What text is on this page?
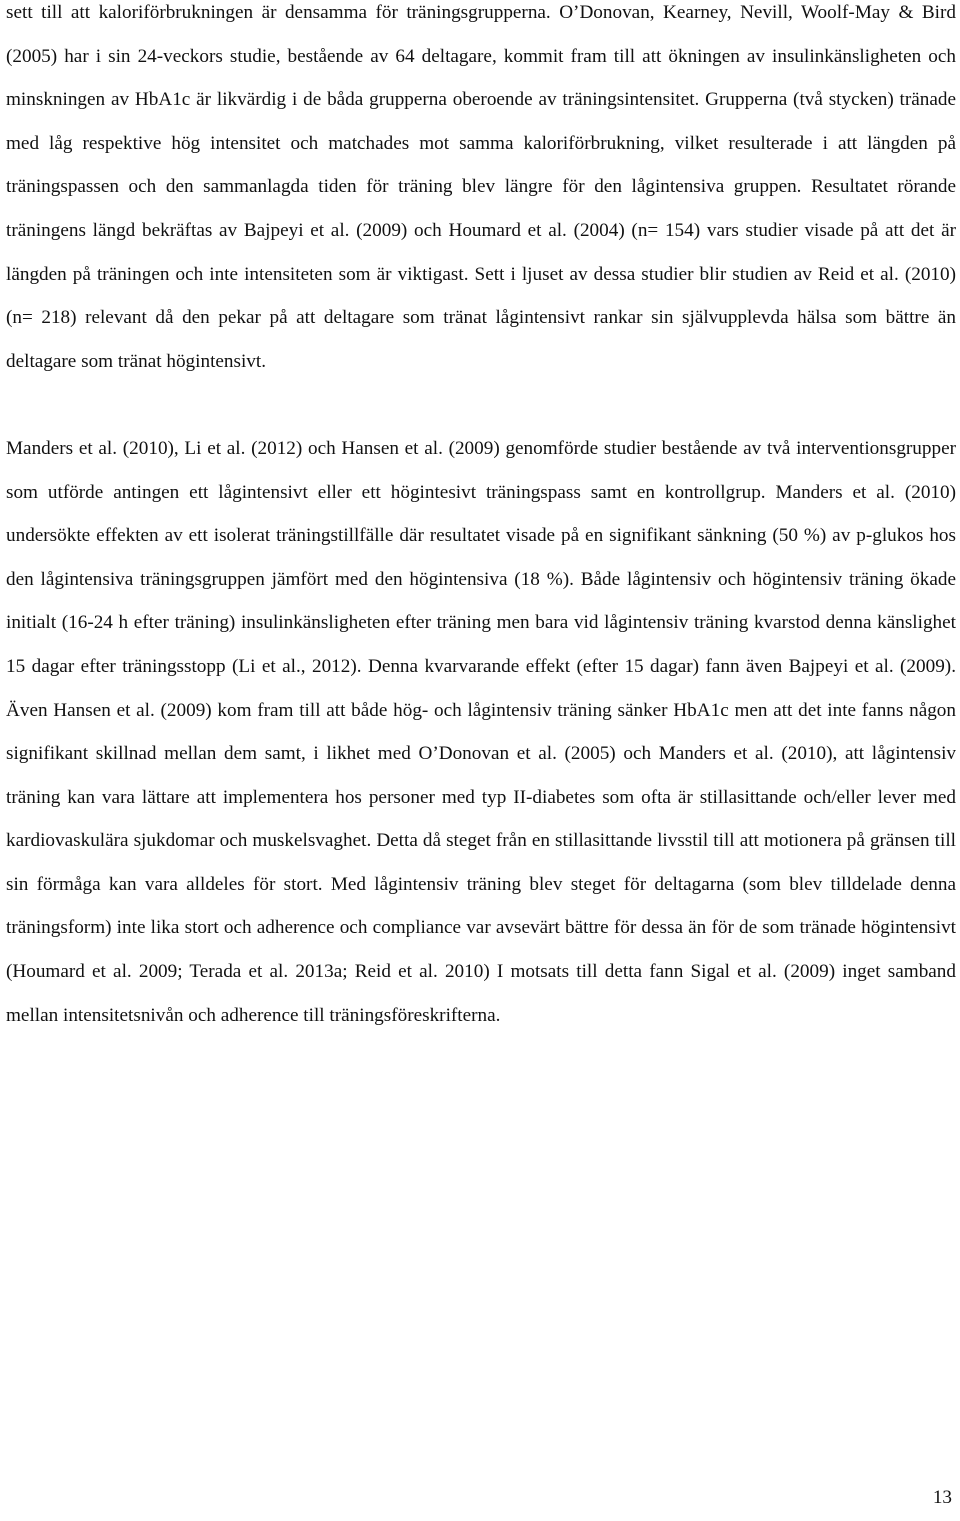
sett till att kaloriförbrukningen är densamma för träningsgrupperna. O’Donovan, Kearney, Nevill, Woolf-May & Bird (2005) har i sin 24-veckors studie, bestående av 64 deltagare, kommit fram till att ökningen av insulinkänsligheten och minskningen av HbA1c är likvärdig i de båda grupperna oberoende av träningsintensitet. Grupperna (två stycken) tränade med låg respektive hög intensitet och matchades mot samma kaloriförbrukning, vilket resulterade i att längden på träningspassen och den sammanlagda tiden för träning blev längre för den lågintensiva gruppen. Resultatet rörande träningens längd bekräftas av Bajpeyi et al. (2009) och Houmard et al. (2004) (n= 154) vars studier visade på att det är längden på träningen och inte intensiteten som är viktigast. Sett i ljuset av dessa studier blir studien av Reid et al. (2010) (n= 218) relevant då den pekar på att deltagare som tränat lågintensivt rankar sin självupplevda hälsa som bättre än deltagare som tränat högintensivt.

Manders et al. (2010), Li et al. (2012) och Hansen et al. (2009) genomförde studier bestående av två interventionsgrupper som utförde antingen ett lågintensivt eller ett högintesivt träningspass samt en kontrollgrup. Manders et al. (2010) undersökte effekten av ett isolerat träningstillfälle där resultatet visade på en signifikant sänkning (50 %) av p-glukos hos den lågintensiva träningsgruppen jämfört med den högintensiva (18 %). Både lågintensiv och högintensiv träning ökade initialt (16-24 h efter träning) insulinkänsligheten efter träning men bara vid lågintensiv träning kvarstod denna känslighet 15 dagar efter träningsstopp (Li et al., 2012). Denna kvarvarande effekt (efter 15 dagar) fann även Bajpeyi et al. (2009). Även Hansen et al. (2009) kom fram till att både hög- och lågintensiv träning sänker HbA1c men att det inte fanns någon signifikant skillnad mellan dem samt, i likhet med O’Donovan et al. (2005) och Manders et al. (2010), att lågintensiv träning kan vara lättare att implementera hos personer med typ II-diabetes som ofta är stillasittande och/eller lever med kardiovaskulära sjukdomar och muskelsvaghet. Detta då steget från en stillasittande livsstil till att motionera på gränsen till sin förmåga kan vara alldeles för stort. Med lågintensiv träning blev steget för deltagarna (som blev tilldelade denna träningsform) inte lika stort och adherence och compliance var avsevärt bättre för dessa än för de som tränade högintensivt (Houmard et al. 2009; Terada et al. 2013a; Reid et al. 2010) I motsats till detta fann Sigal et al. (2009) inget samband mellan intensitetsnivån och adherence till träningsföreskrifterna.

13
